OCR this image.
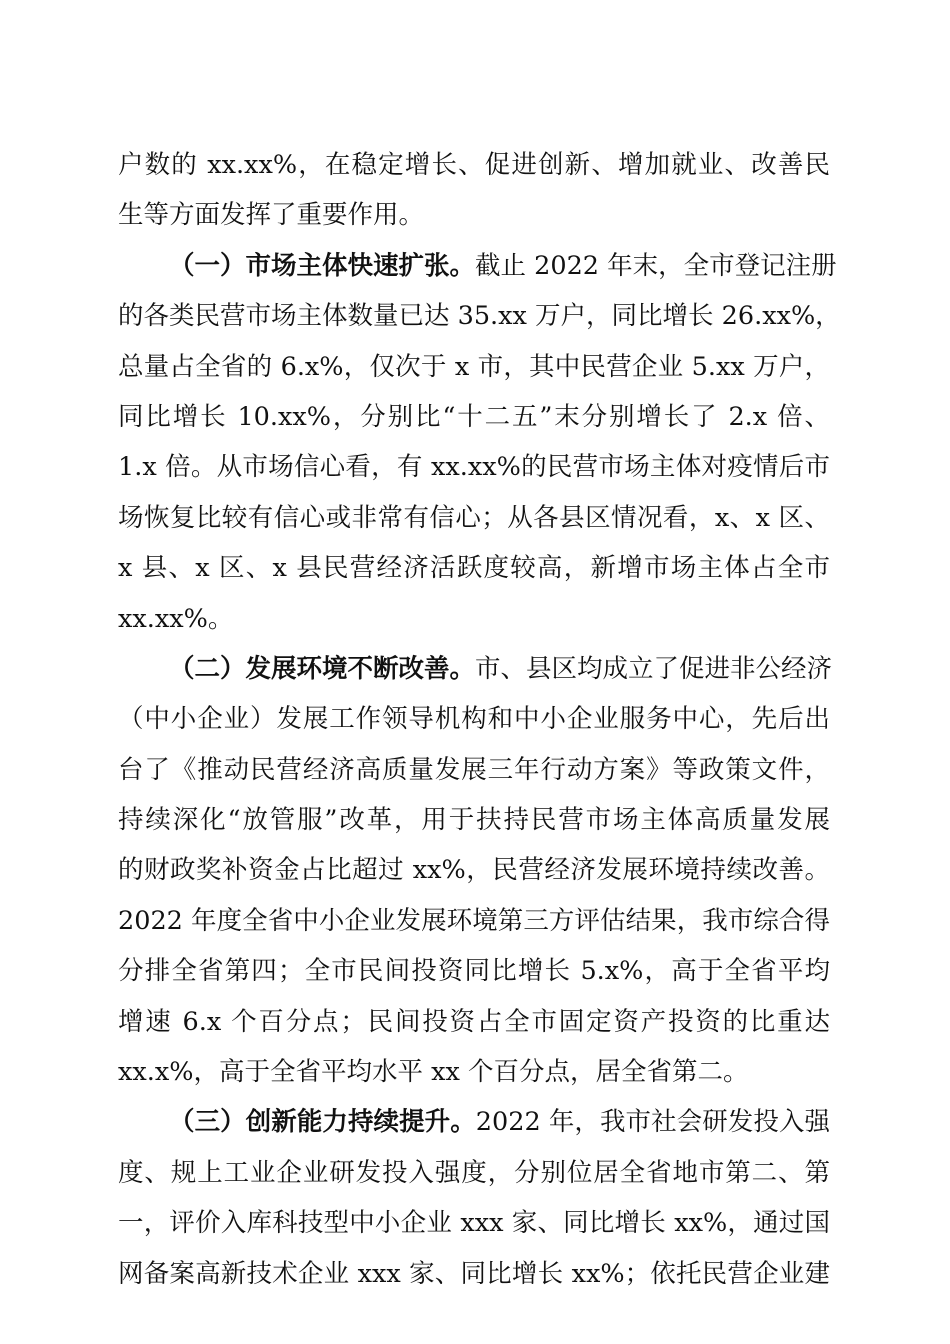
户数的 xx.xx%，在稳定增长、促进创新、增加就业、改善民
生等方面发挥了重要作用。
（一）市场主体快速扩张。截止 2022 年末，全市登记注册
的各类民营市场主体数量已达 35.xx 万户，同比增长 26.xx%，
总量占全省的 6.x%，仅次于 x 市，其中民营企业 5.xx 万户，
同比增长 10.xx%，分别比“十二五”末分别增长了 2.x 倍、
1.x 倍。从市场信心看，有 xx.xx%的民营市场主体对疫情后市
场恢复比较有信心或非常有信心；从各县区情况看，x、x 区、
x 县、x 区、x 县民营经济活跃度较高，新增市场主体占全市
xx.xx%。
（二）发展环境不断改善。市、县区均成立了促进非公经济
（中小企业）发展工作领导机构和中小企业服务中心，先后出
台了《推动民营经济高质量发展三年行动方案》等政策文件，
持续深化“放管服”改革，用于扶持民营市场主体高质量发展
的财政奖补资金占比超过 xx%，民营经济发展环境持续改善。
2022 年度全省中小企业发展环境第三方评估结果，我市综合得
分排全省第四；全市民间投资同比增长 5.x%，高于全省平均
增速 6.x 个百分点；民间投资占全市固定资产投资的比重达
xx.x%，高于全省平均水平 xx 个百分点，居全省第二。
（三）创新能力持续提升。2022 年，我市社会研发投入强
度、规上工业企业研发投入强度，分别位居全省地市第二、第
一，评价入库科技型中小企业 xxx 家、同比增长 xx%，通过国
网备案高新技术企业 xxx 家、同比增长 xx%；依托民营企业建
